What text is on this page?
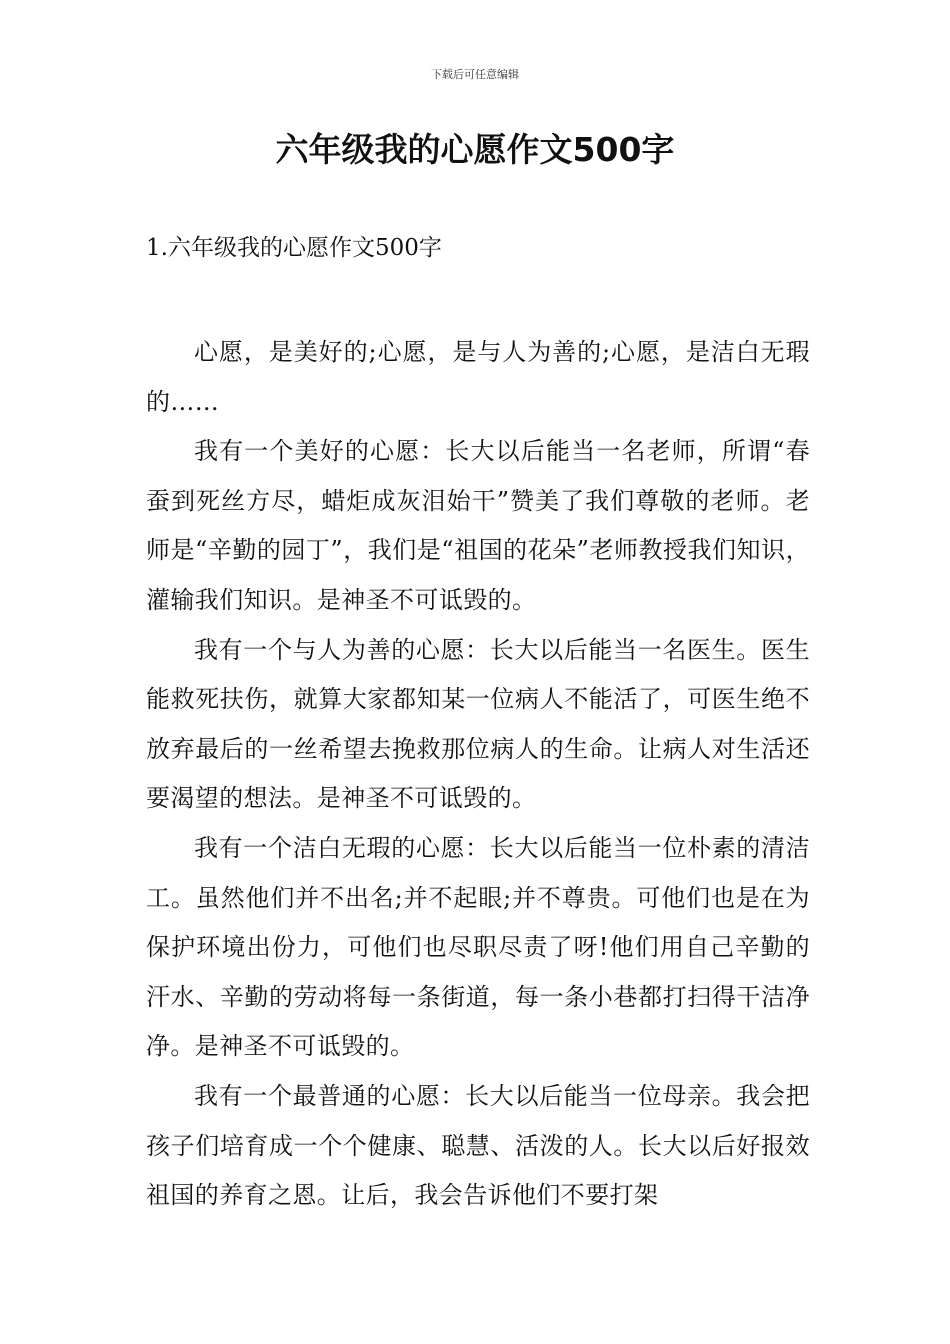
下载后可任意编辑
六年级我的心愿作文500字
1.六年级我的心愿作文500字

心愿，是美好的;心愿，是与人为善的;心愿，是洁白无瑕的……

我有一个美好的心愿：长大以后能当一名老师，所谓“春蚕到死丝方尽，蜡炬成灰泪始干”赞美了我们尊敬的老师。老师是“辛勤的园丁”，我们是“祖国的花朵”老师教授我们知识，灌输我们知识。是神圣不可诋毁的。

我有一个与人为善的心愿：长大以后能当一名医生。医生能救死扶伤，就算大家都知某一位病人不能活了，可医生绝不放弃最后的一丝希望去挽救那位病人的生命。让病人对生活还要渴望的想法。是神圣不可诋毁的。

我有一个洁白无瑕的心愿：长大以后能当一位朴素的清洁工。虽然他们并不出名;并不起眼;并不尊贵。可他们也是在为保护环境出份力，可他们也尽职尽责了呀!他们用自己辛勤的汗水、辛勤的劳动将每一条街道，每一条小巷都打扫得干洁净净。是神圣不可诋毁的。

我有一个最普通的心愿：长大以后能当一位母亲。我会把孩子们培育成一个个健康、聪慧、活泼的人。长大以后好报效祖国的养育之恩。让后，我会告诉他们不要打架
